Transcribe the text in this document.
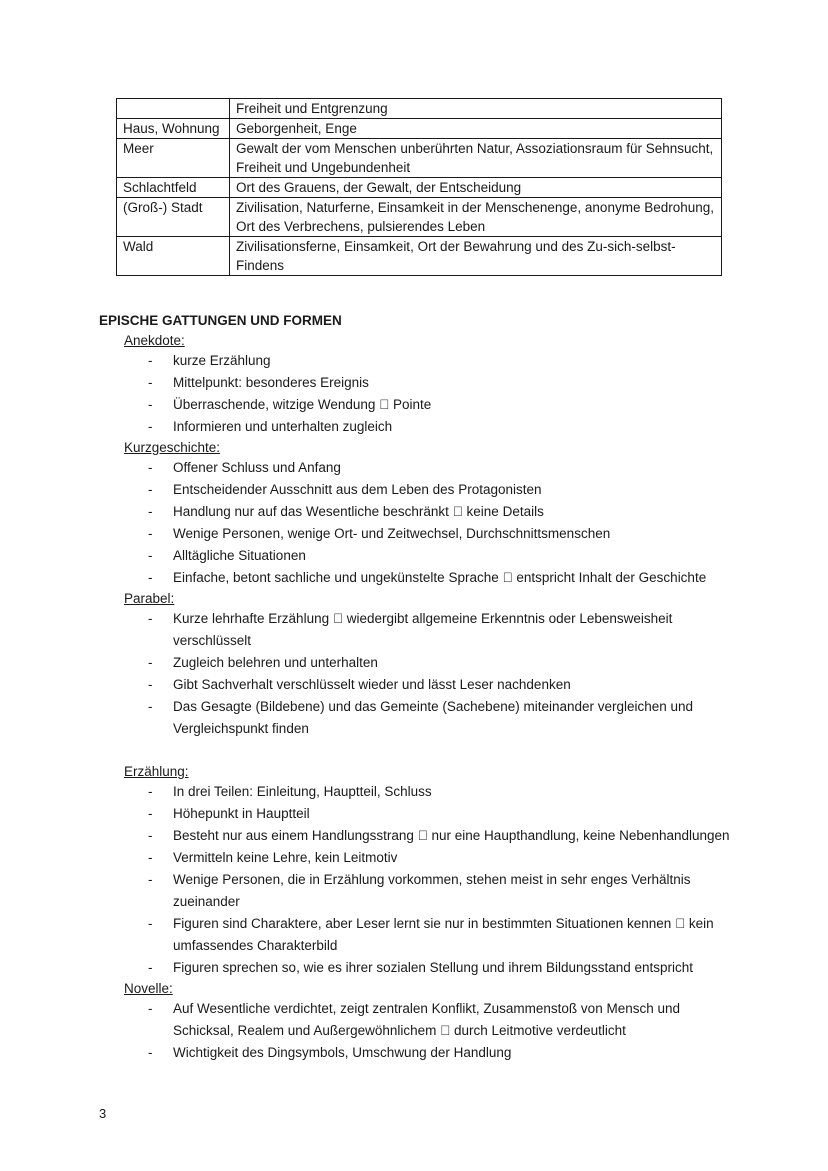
	Freiheit und Entgrenzung
Haus, Wohnung	Geborgenheit, Enge
Meer	Gewalt der vom Menschen unberührten Natur, Assoziationsraum für Sehnsucht, Freiheit und Ungebundenheit
Schlachtfeld	Ort des Grauens, der Gewalt, der Entscheidung
(Groß-) Stadt	Zivilisation, Naturferne, Einsamkeit in der Menschenenge, anonyme Bedrohung, Ort des Verbrechens, pulsierendes Leben
Wald	Zivilisationsferne, Einsamkeit, Ort der Bewahrung und des Zu-sich-selbst-Findens
EPISCHE GATTUNGEN UND FORMEN
Anekdote:
- kurze Erzählung
- Mittelpunkt: besonderes Ereignis
- Überraschende, witzige Wendung   Pointe
- Informieren und unterhalten zugleich
Kurzgeschichte:
- Offener Schluss und Anfang
- Entscheidender Ausschnitt aus dem Leben des Protagonisten
- Handlung nur auf das Wesentliche beschränkt   keine Details
- Wenige Personen, wenige Ort- und Zeitwechsel, Durchschnittsmenschen
- Alltägliche Situationen
- Einfache, betont sachliche und ungekünstelte Sprache   entspricht Inhalt der Geschichte
Parabel:
- Kurze lehrhafte Erzählung   wiedergibt allgemeine Erkenntnis oder Lebensweisheit verschlüsselt
- Zugleich belehren und unterhalten
- Gibt Sachverhalt verschlüsselt wieder und lässt Leser nachdenken
- Das Gesagte (Bildebene) und das Gemeinte (Sachebene) miteinander vergleichen und Vergleichspunkt finden
Erzählung:
- In drei Teilen: Einleitung, Hauptteil, Schluss
- Höhepunkt in Hauptteil
- Besteht nur aus einem Handlungsstrang   nur eine Haupthandlung, keine Nebenhandlungen
- Vermitteln keine Lehre, kein Leitmotiv
- Wenige Personen, die in Erzählung vorkommen, stehen meist in sehr enges Verhältnis zueinander
- Figuren sind Charaktere, aber Leser lernt sie nur in bestimmten Situationen kennen   kein umfassendes Charakterbild
- Figuren sprechen so, wie es ihrer sozialen Stellung und ihrem Bildungsstand entspricht
Novelle:
- Auf Wesentliche verdichtet, zeigt zentralen Konflikt, Zusammenstoß von Mensch und Schicksal, Realem und Außergewöhnlichem   durch Leitmotive verdeutlicht
- Wichtigkeit des Dingsymbols, Umschwung der Handlung
3
